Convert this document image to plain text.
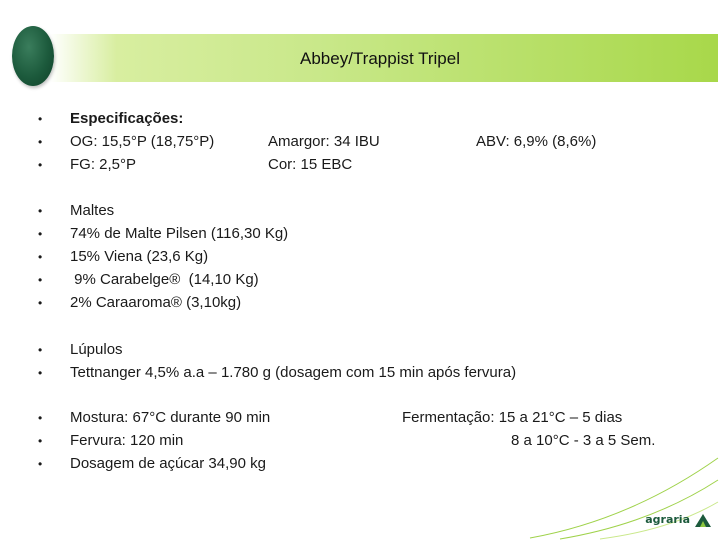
Abbey/Trappist Tripel
•
•
•
Especificações:
OG: 15,5°P (18,75°P)
FG: 2,5°P
Amargor: 34 IBU
Cor: 15 EBC
ABV: 6,9% (8,6%)
•
•
•
•
•
Maltes
74% de Malte Pilsen (116,30 Kg)
15% Viena (23,6 Kg)
9% Carabelge®  (14,10 Kg)
2% Caraaroma® (3,10kg)
•
•
Lúpulos
Tettnanger 4,5% a.a – 1.780 g (dosagem com 15 min após fervura)
•
•
•
Mostura: 67°C durante 90 min
Fervura: 120 min
Dosagem de açúcar 34,90 kg
Fermentação: 15 a 21°C – 5 dias
8 a 10°C - 3 a 5 Sem.
agraria
